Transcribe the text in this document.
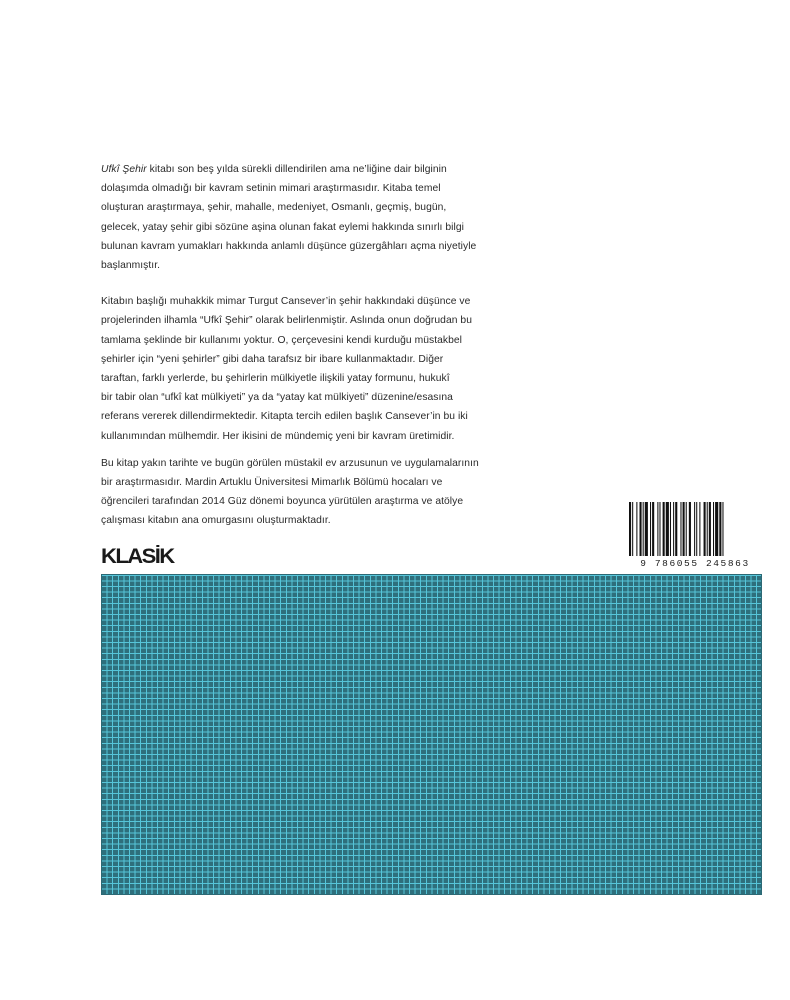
Ufkî Şehir kitabı son beş yılda sürekli dillendirilen ama ne’liğine dair bilginin
dolaşımda olmadığı bir kavram setinin mimari araştırmasıdır. Kitaba temel
oluşturan araştırmaya, şehir, mahalle, medeniyet, Osmanlı, geçmiş, bugün,
gelecek, yatay şehir gibi sözüne aşina olunan fakat eylemi hakkında sınırlı bilgi
bulunan kavram yumakları hakkında anlamlı düşünce güzergâhları açma niyetiyle
başlanmıştır.

Kitabın başlığı muhakkik mimar Turgut Cansever’in şehir hakkındaki düşünce ve
projelerinden ilhamla “Ufkî Şehir” olarak belirlenmiştir. Aslında onun doğrudan bu
tamlama şeklinde bir kullanımı yoktur. O, çerçevesini kendi kurduğu müstakbel
şehirler için “yeni şehirler” gibi daha tarafsız bir ibare kullanmaktadır. Diğer
taraftan, farklı yerlerde, bu şehirlerin mülkiyetle ilişkili yatay formunu, hukukî
bir tabir olan “ufkî kat mülkiyeti” ya da “yatay kat mülkiyeti” düzenine/esasına
referans vererek dillendirmektedir. Kitapta tercih edilen başlık Cansever’in bu iki
kullanımından mülhemdir. Her ikisini de mündemiç yeni bir kavram üretimidir.

Bu kitap yakın tarihte ve bugün görülen müstakil ev arzusunun ve uygulamalarının
bir araştırmasıdır. Mardin Artuklu Üniversitesi Mimarlık Bölümü hocaları ve
öğrencileri tarafından 2014 Güz dönemi boyunca yürütülen araştırma ve atölye
çalışması kitabın ana omurgasını oluşturmaktadır.

KLASİK	9 786055 245863
